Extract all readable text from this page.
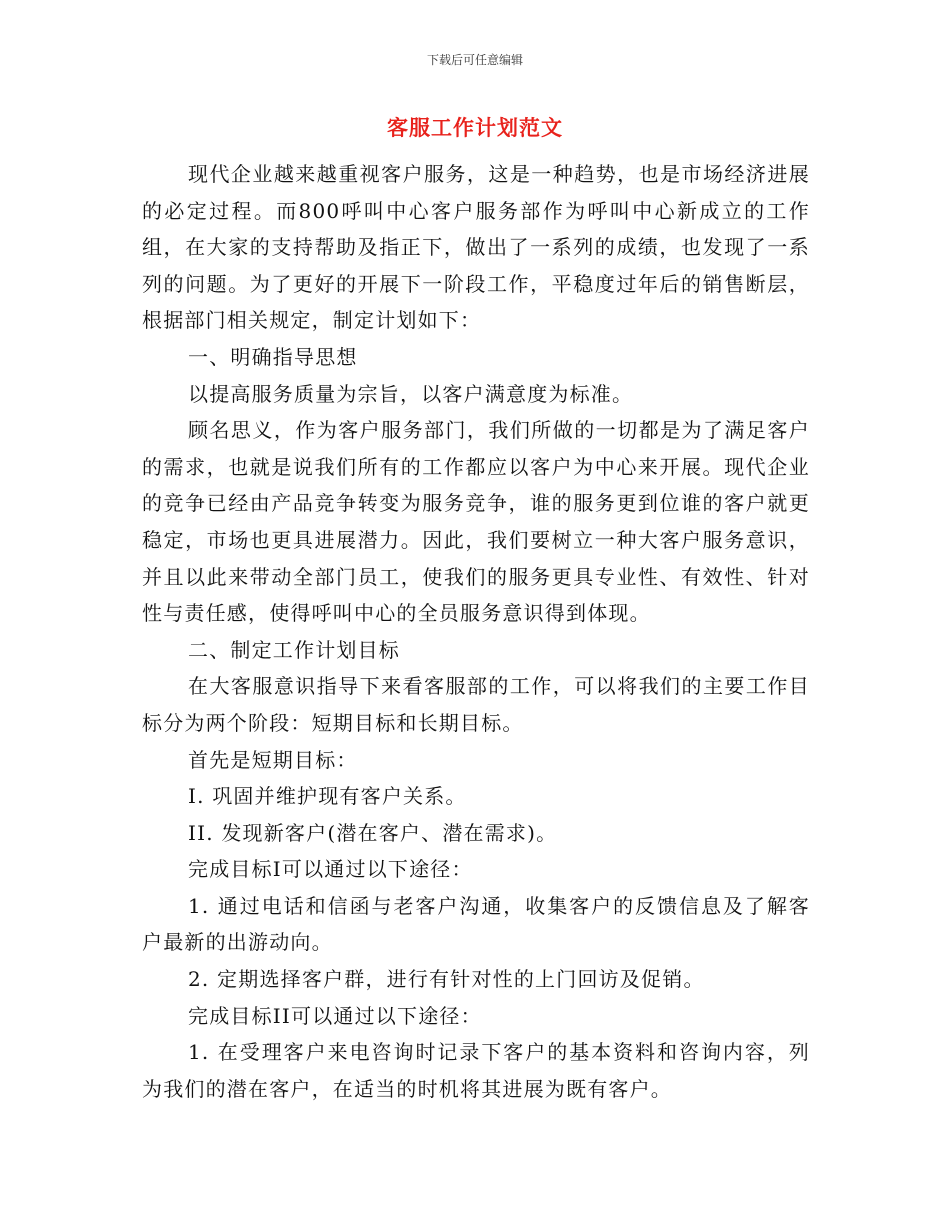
下载后可任意编辑
客服工作计划范文

现代企业越来越重视客户服务，这是一种趋势，也是市场经济进展的必定过程。而800呼叫中心客户服务部作为呼叫中心新成立的工作组，在大家的支持帮助及指正下，做出了一系列的成绩，也发现了一系列的问题。为了更好的开展下一阶段工作，平稳度过年后的销售断层，根据部门相关规定，制定计划如下：

一、明确指导思想

以提高服务质量为宗旨，以客户满意度为标准。

顾名思义，作为客户服务部门，我们所做的一切都是为了满足客户的需求，也就是说我们所有的工作都应以客户为中心来开展。现代企业的竞争已经由产品竞争转变为服务竞争，谁的服务更到位谁的客户就更稳定，市场也更具进展潜力。因此，我们要树立一种大客户服务意识，并且以此来带动全部门员工，使我们的服务更具专业性、有效性、针对性与责任感，使得呼叫中心的全员服务意识得到体现。

二、制定工作计划目标

在大客服意识指导下来看客服部的工作，可以将我们的主要工作目标分为两个阶段：短期目标和长期目标。

首先是短期目标：

I. 巩固并维护现有客户关系。

II. 发现新客户(潜在客户、潜在需求)。

完成目标I可以通过以下途径：

1. 通过电话和信函与老客户沟通，收集客户的反馈信息及了解客户最新的出游动向。

2. 定期选择客户群，进行有针对性的上门回访及促销。

完成目标II可以通过以下途径：

1. 在受理客户来电咨询时记录下客户的基本资料和咨询内容，列为我们的潜在客户，在适当的时机将其进展为既有客户。
